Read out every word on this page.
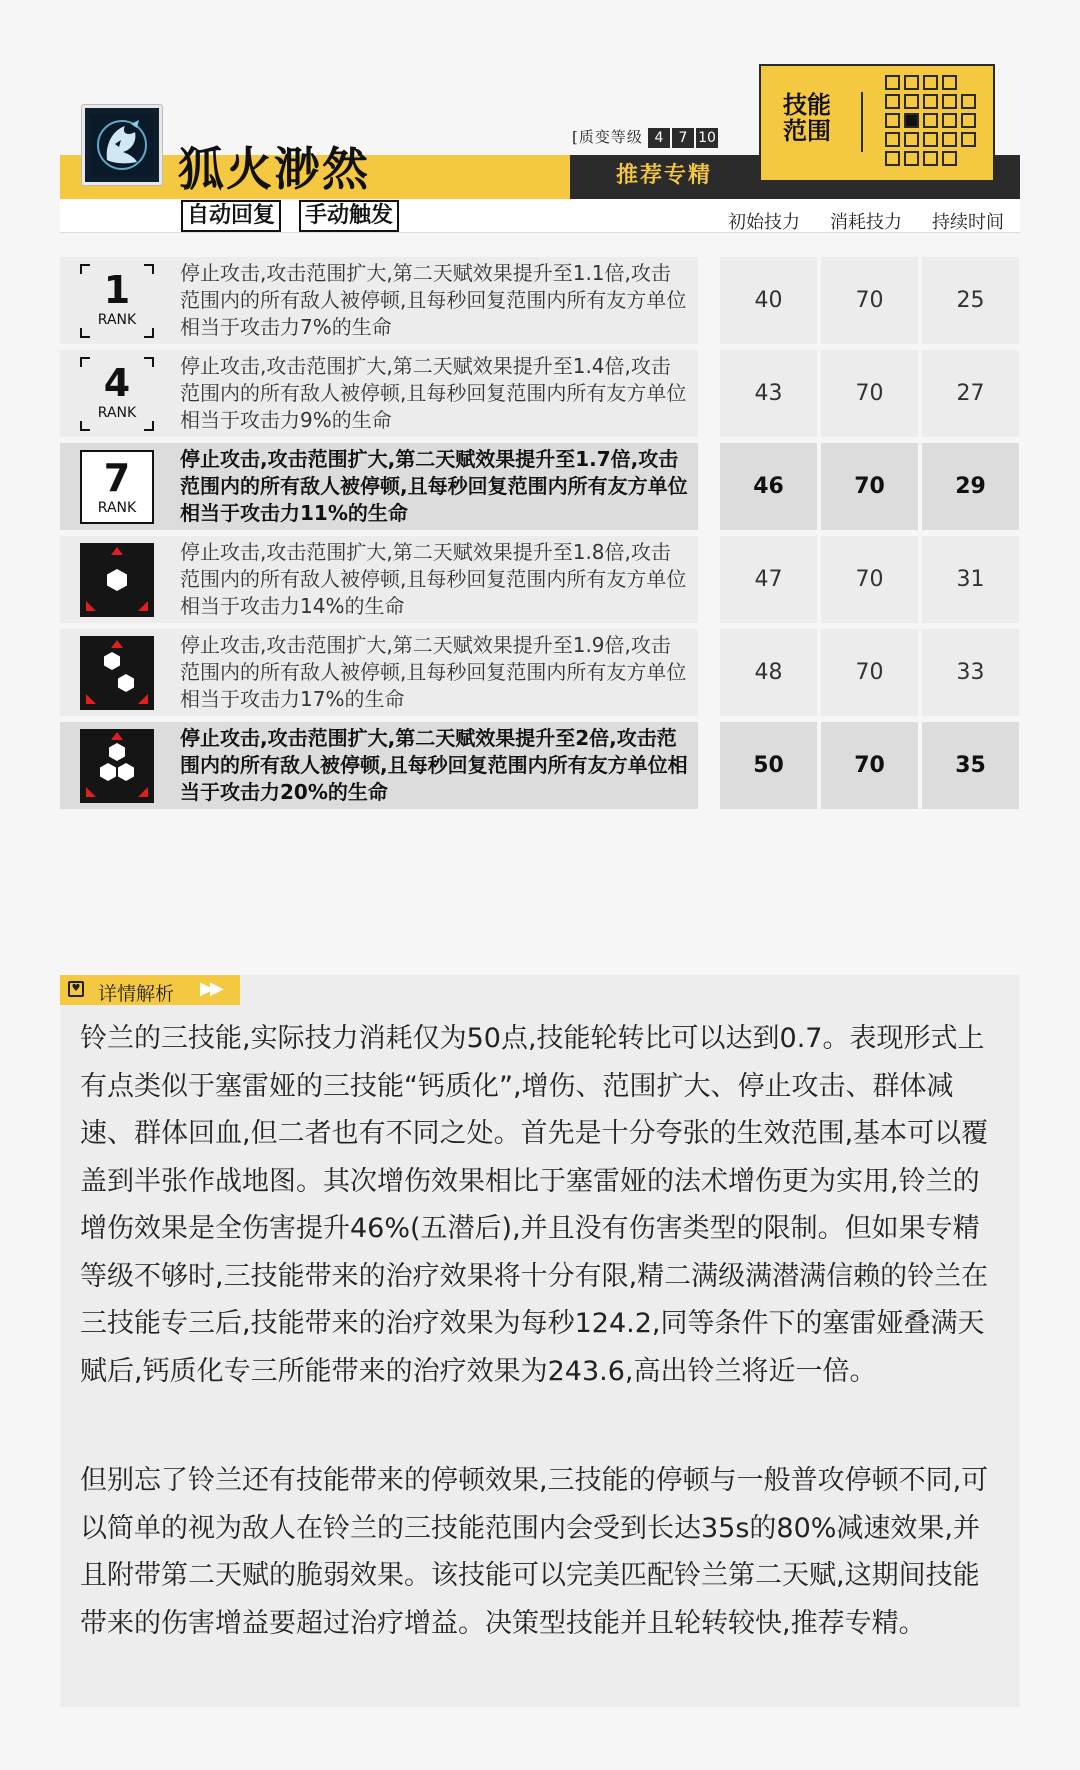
狐火渺然
自动回复 手动触发
[ 质变等级 4	7 10
推荐专精
技能
范围
初始技力 消耗技力 持续时间
1
RANK
停止攻击,攻击范围扩大,第二天赋效果提升至1.1倍,攻击范围内的所有敌人被停顿,且每秒回复范围内所有友方单位相当于攻击力7%的生命
40	70	25
4
RANK
停止攻击,攻击范围扩大,第二天赋效果提升至1.4倍,攻击范围内的所有敌人被停顿,且每秒回复范围内所有友方单位相当于攻击力9%的生命
43	70	27
7
RANK
停止攻击,攻击范围扩大,第二天赋效果提升至1.7倍,攻击范围内的所有敌人被停顿,且每秒回复范围内所有友方单位相当于攻击力11%的生命
46	70	29
停止攻击,攻击范围扩大,第二天赋效果提升至1.8倍,攻击范围内的所有敌人被停顿,且每秒回复范围内所有友方单位相当于攻击力14%的生命
47	70	31
停止攻击,攻击范围扩大,第二天赋效果提升至1.9倍,攻击范围内的所有敌人被停顿,且每秒回复范围内所有友方单位相当于攻击力17%的生命
48	70	33
停止攻击,攻击范围扩大,第二天赋效果提升至2倍,攻击范围内的所有敌人被停顿,且每秒回复范围内所有友方单位相当于攻击力20%的生命
50	70	35
♥ 详情解析 ▶▶
铃兰的三技能,实际技力消耗仅为50点,技能轮转比可以达到0.7。表现形式上有点类似于塞雷娅的三技能“钙质化”,增伤、范围扩大、停止攻击、群体减速、群体回血,但二者也有不同之处。首先是十分夸张的生效范围,基本可以覆盖到半张作战地图。其次增伤效果相比于塞雷娅的法术增伤更为实用,铃兰的增伤效果是全伤害提升46%(五潜后),并且没有伤害类型的限制。但如果专精等级不够时,三技能带来的治疗效果将十分有限,精二满级满潜满信赖的铃兰在三技能专三后,技能带来的治疗效果为每秒124.2,同等条件下的塞雷娅叠满天赋后,钙质化专三所能带来的治疗效果为243.6,高出铃兰将近一倍。
但别忘了铃兰还有技能带来的停顿效果,三技能的停顿与一般普攻停顿不同,可以简单的视为敌人在铃兰的三技能范围内会受到长达35s的80%减速效果,并且附带第二天赋的脆弱效果。该技能可以完美匹配铃兰第二天赋,这期间技能带来的伤害增益要超过治疗增益。决策型技能并且轮转较快,推荐专精。
